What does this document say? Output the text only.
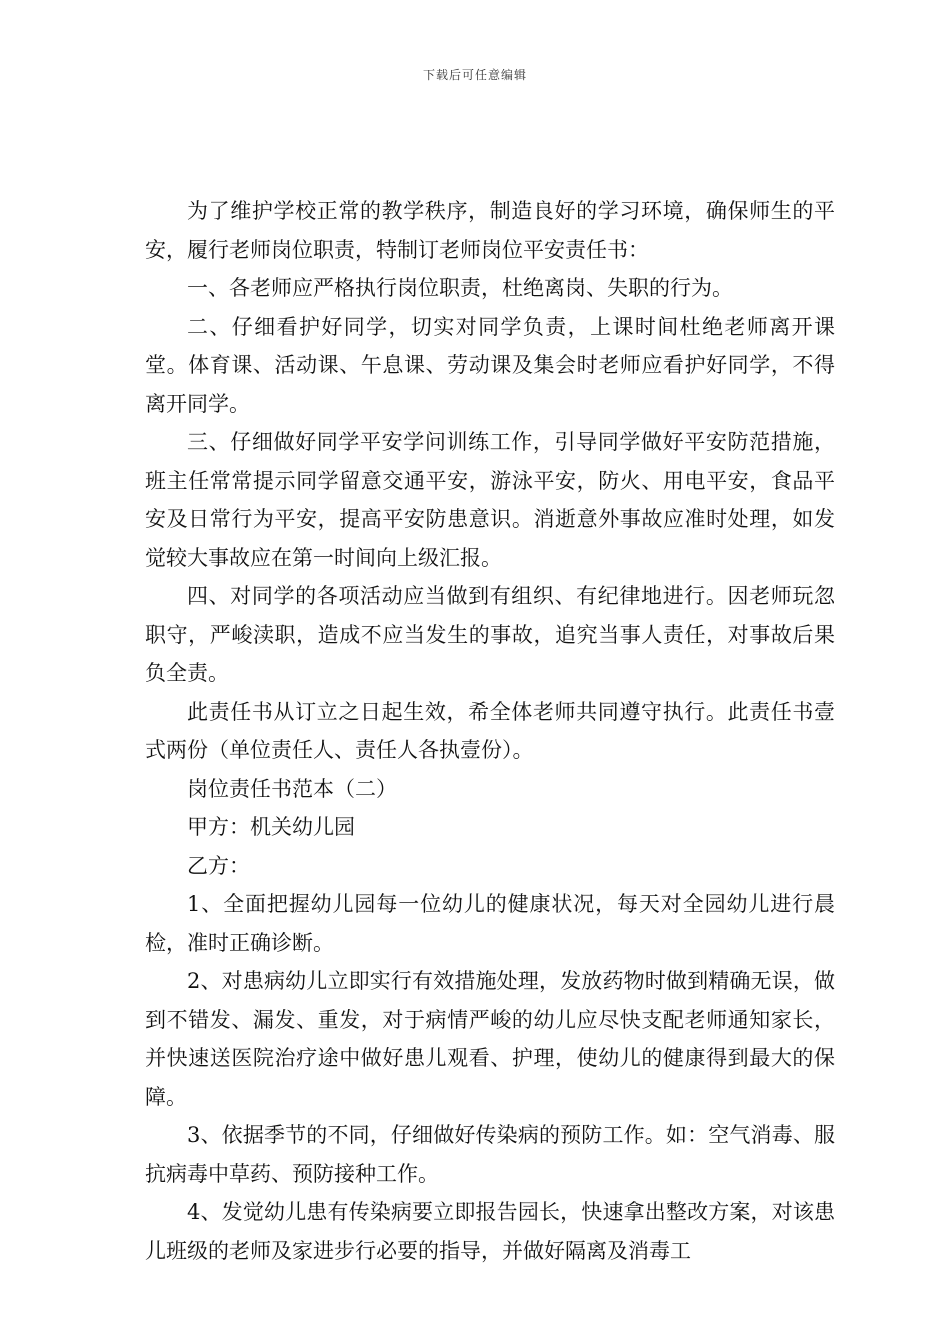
下载后可任意编辑

为了维护学校正常的教学秩序，制造良好的学习环境，确保师生的平安，履行老师岗位职责，特制订老师岗位平安责任书：

一、各老师应严格执行岗位职责，杜绝离岗、失职的行为。

二、仔细看护好同学，切实对同学负责，上课时间杜绝老师离开课堂。体育课、活动课、午息课、劳动课及集会时老师应看护好同学，不得离开同学。

三、仔细做好同学平安学问训练工作，引导同学做好平安防范措施，班主任常常提示同学留意交通平安，游泳平安，防火、用电平安，食品平安及日常行为平安，提高平安防患意识。消逝意外事故应准时处理，如发觉较大事故应在第一时间向上级汇报。

四、对同学的各项活动应当做到有组织、有纪律地进行。因老师玩忽职守，严峻渎职，造成不应当发生的事故，追究当事人责任，对事故后果负全责。

此责任书从订立之日起生效，希全体老师共同遵守执行。此责任书壹式两份（单位责任人、责任人各执壹份）。

岗位责任书范本（二）

甲方：机关幼儿园

乙方：

1、全面把握幼儿园每一位幼儿的健康状况，每天对全园幼儿进行晨检，准时正确诊断。

2、对患病幼儿立即实行有效措施处理，发放药物时做到精确无误，做到不错发、漏发、重发，对于病情严峻的幼儿应尽快支配老师通知家长，并快速送医院治疗途中做好患儿观看、护理，使幼儿的健康得到最大的保障。

3、依据季节的不同，仔细做好传染病的预防工作。如：空气消毒、服抗病毒中草药、预防接种工作。

4、发觉幼儿患有传染病要立即报告园长，快速拿出整改方案，对该患儿班级的老师及家进步行必要的指导，并做好隔离及消毒工
